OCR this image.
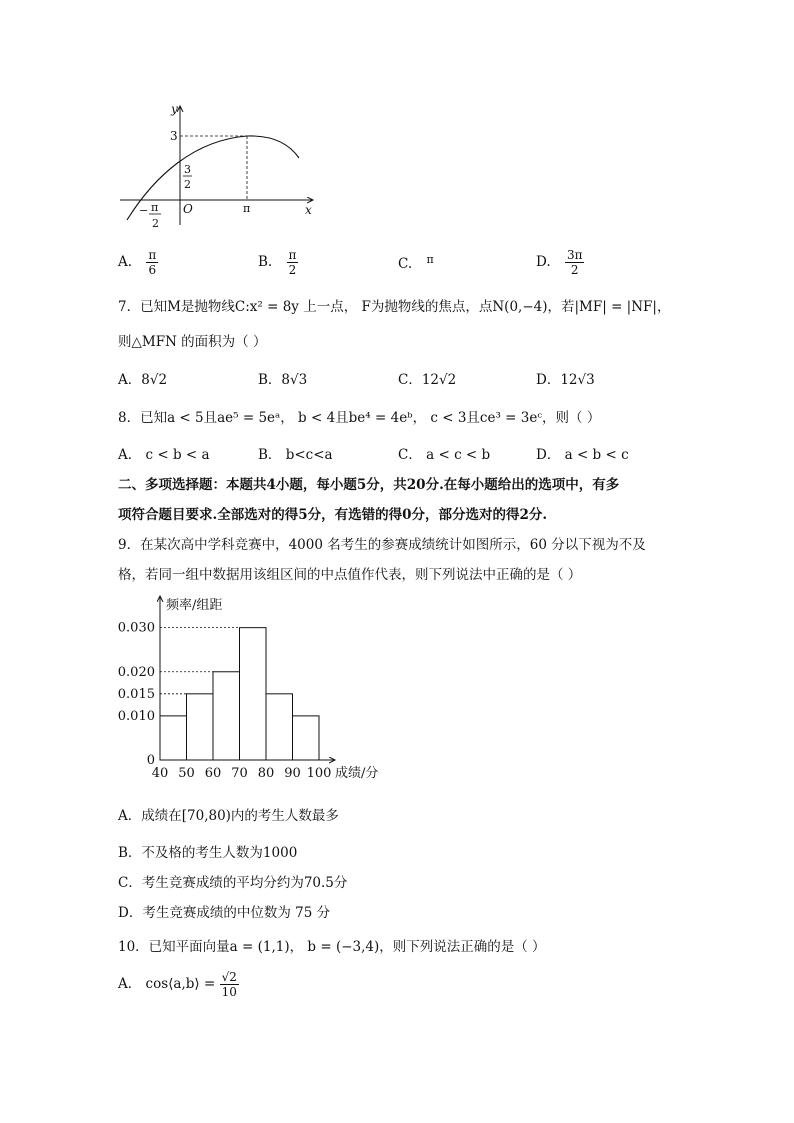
y
x
O
3
3
2
− π
2
π
A. $\frac{\pi}{6}$	B. $\frac{\pi}{2}$	C. $^\pi$	D. $\frac{3\pi}{2}$
7．已知M是抛物线C:x² = 8y 上一点， F为抛物线的焦点，点N(0,−4)，若|MF| = |NF|，
则△MFN 的面积为（ ）
A．8√2	B．8√3	C．12√2	D．12√3
8．已知a < 5且ae⁵ = 5eᵃ， b < 4且be⁴ = 4eᵇ， c < 3且ce³ = 3eᶜ，则（ ）
A． c < b < a	B． b<c<a	C． a < c < b	D． a < b < c
二、多项选择题：本题共4小题，每小题5分，共20分.在每小题给出的选项中，有多
项符合题目要求.全部选对的得5分，有选错的得0分，部分选对的得2分.
9．在某次高中学科竞赛中，4000 名考生的参赛成绩统计如图所示，60 分以下视为不及
格，若同一组中数据用该组区间的中点值作代表，则下列说法中正确的是（ ）
频率/组距
成绩/分
0
0.010
0.015
0.020
0.030
40 50 60 70 80 90 100
A．成绩在[70,80)内的考生人数最多
B．不及格的考生人数为1000
C．考生竞赛成绩的平均分约为70.5分
D．考生竞赛成绩的中位数为 75 分
10．已知平面向量a = (1,1)， b = (−3,4)，则下列说法正确的是（ ）
A． cos⟨a,b⟩ = $\frac{√2}{10}$
